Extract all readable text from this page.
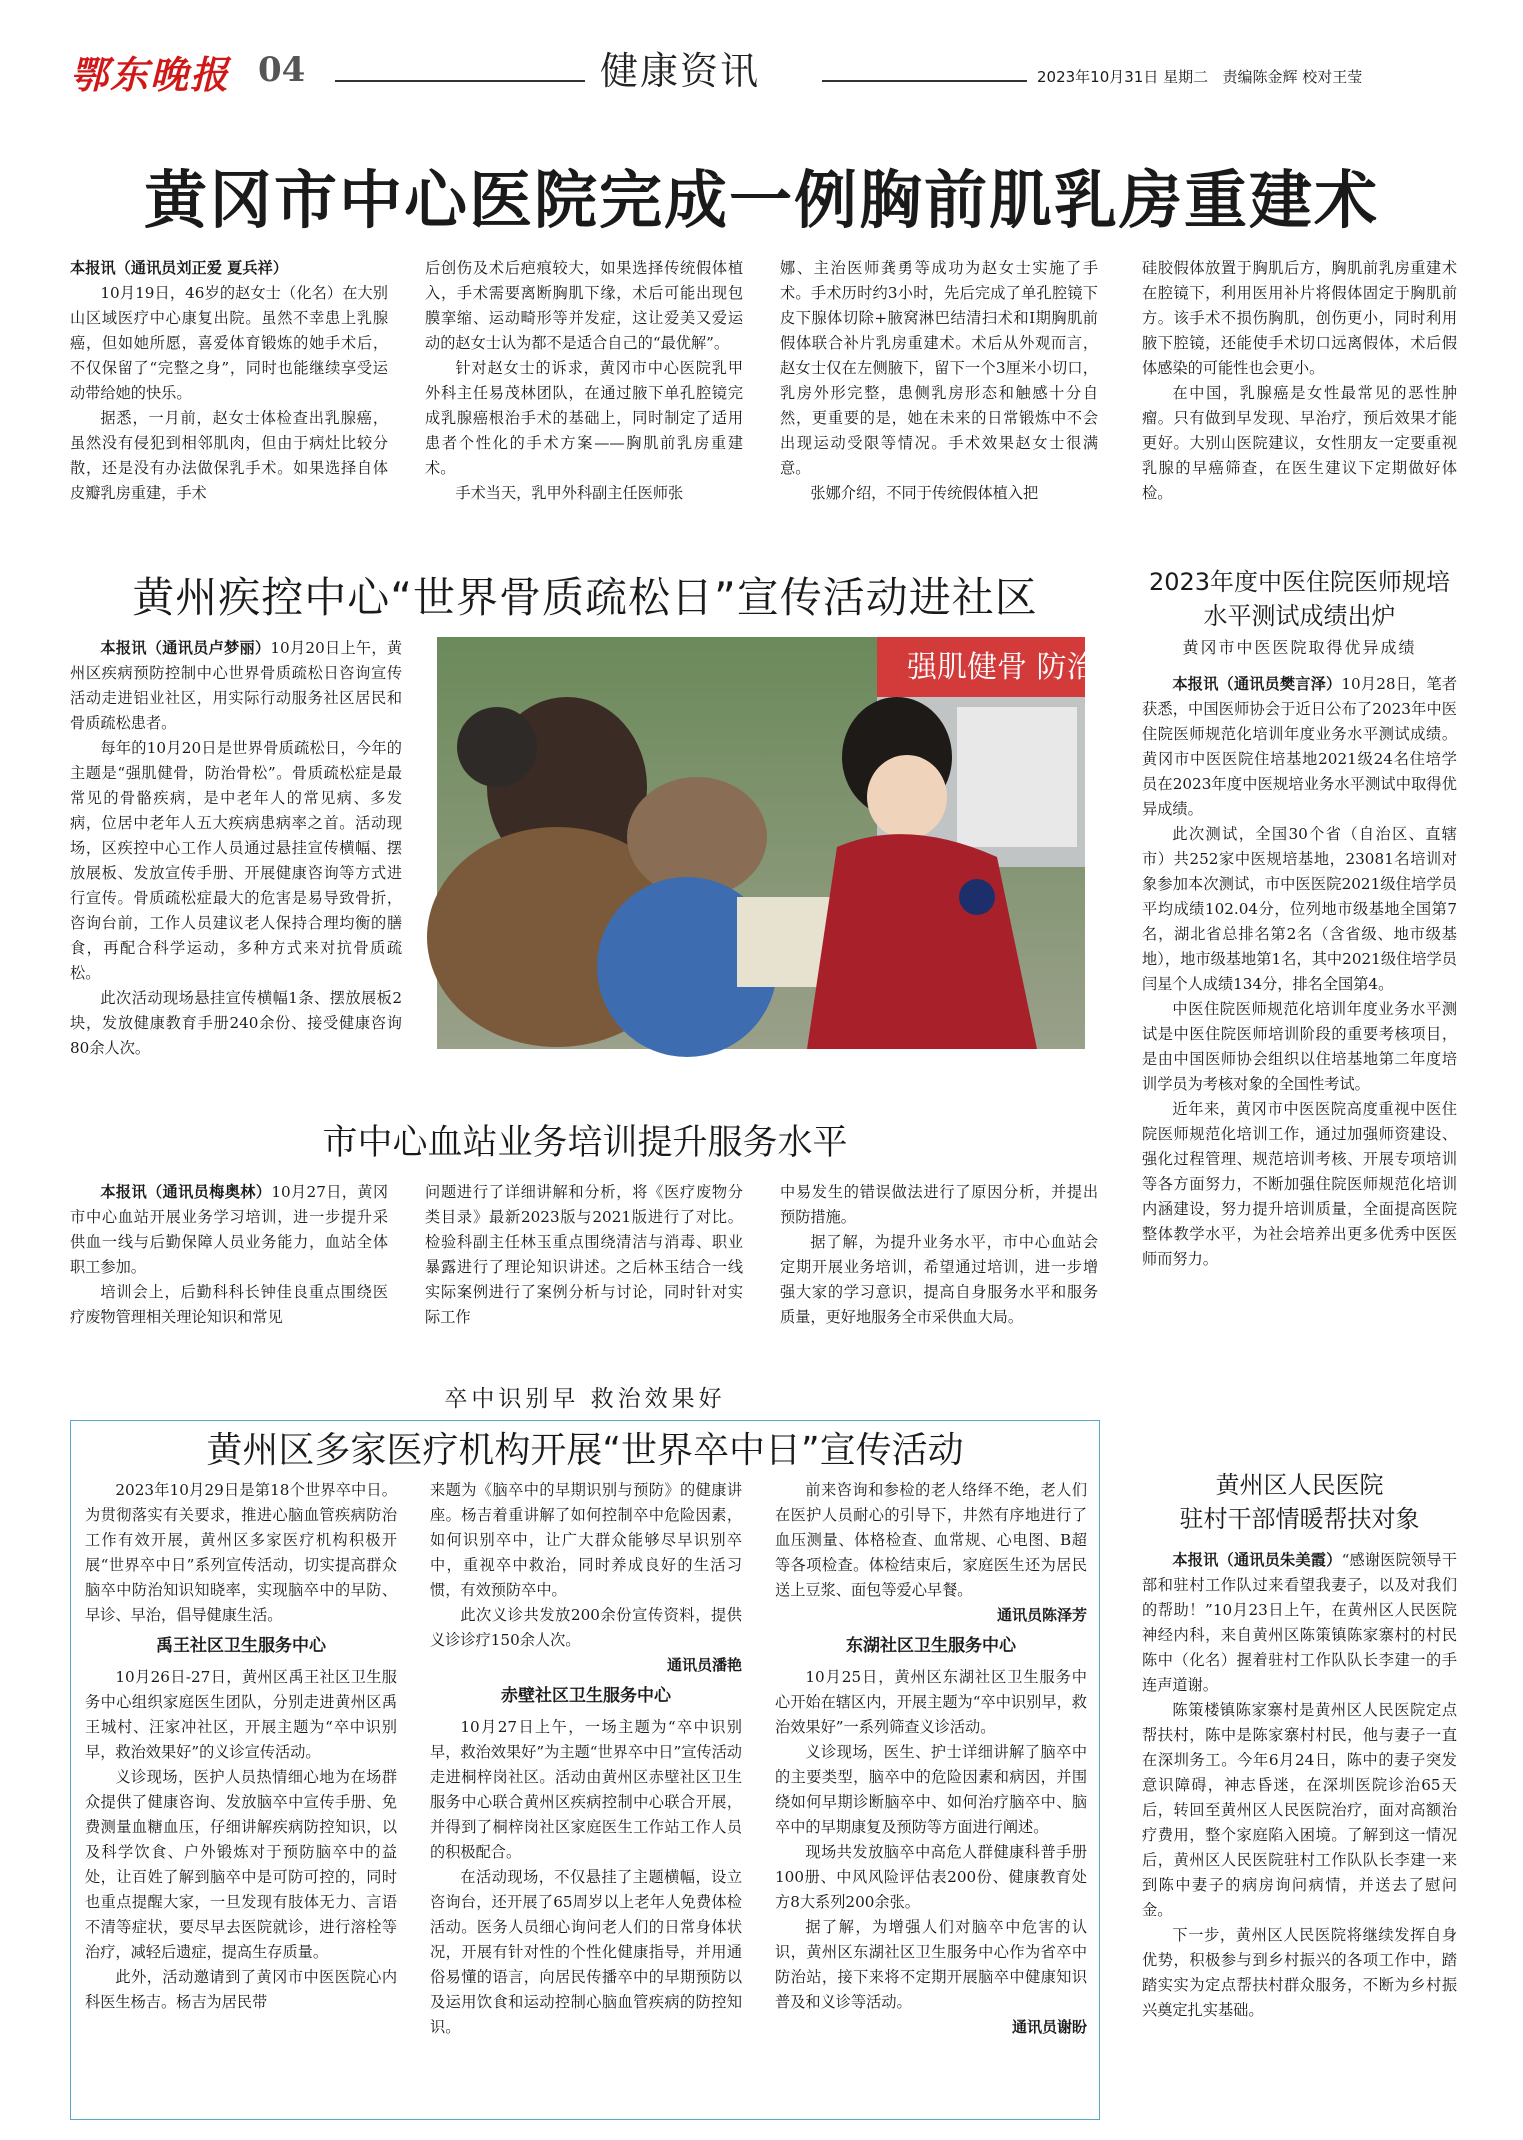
鄂东晚报 04	健康资讯	2023年10月31日 星期二 责编陈金辉 校对王莹
黄冈市中心医院完成一例胸前肌乳房重建术

本报讯（通讯员刘正爱 夏兵祥）

10月19日，46岁的赵女士（化名）在大别山区域医疗中心康复出院。虽然不幸患上乳腺癌，但如她所愿，喜爱体育锻炼的她手术后，不仅保留了“完整之身”，同时也能继续享受运动带给她的快乐。

据悉，一月前，赵女士体检查出乳腺癌，虽然没有侵犯到相邻肌肉，但由于病灶比较分散，还是没有办法做保乳手术。如果选择自体皮瓣乳房重建，手术

后创伤及术后疤痕较大，如果选择传统假体植入，手术需要离断胸肌下缘，术后可能出现包膜挛缩、运动畸形等并发症，这让爱美又爱运动的赵女士认为都不是适合自己的“最优解”。

针对赵女士的诉求，黄冈市中心医院乳甲外科主任易茂林团队，在通过腋下单孔腔镜完成乳腺癌根治手术的基础上，同时制定了适用患者个性化的手术方案——胸肌前乳房重建术。

手术当天，乳甲外科副主任医师张

娜、主治医师龚勇等成功为赵女士实施了手术。手术历时约3小时，先后完成了单孔腔镜下皮下腺体切除+腋窝淋巴结清扫术和Ⅰ期胸肌前假体联合补片乳房重建术。术后从外观而言，赵女士仅在左侧腋下，留下一个3厘米小切口，乳房外形完整，患侧乳房形态和触感十分自然，更重要的是，她在未来的日常锻炼中不会出现运动受限等情况。手术效果赵女士很满意。

张娜介绍，不同于传统假体植入把

硅胶假体放置于胸肌后方，胸肌前乳房重建术在腔镜下，利用医用补片将假体固定于胸肌前方。该手术不损伤胸肌，创伤更小，同时利用腋下腔镜，还能使手术切口远离假体，术后假体感染的可能性也会更小。

在中国，乳腺癌是女性最常见的恶性肿瘤。只有做到早发现、早治疗，预后效果才能更好。大别山医院建议，女性朋友一定要重视乳腺的早癌筛查，在医生建议下定期做好体检。

黄州疾控中心“世界骨质疏松日”宣传活动进社区

本报讯（通讯员卢梦丽）10月20日上午，黄州区疾病预防控制中心世界骨质疏松日咨询宣传活动走进铝业社区，用实际行动服务社区居民和骨质疏松患者。

每年的10月20日是世界骨质疏松日，今年的主题是“强肌健骨，防治骨松”。骨质疏松症是最常见的骨骼疾病，是中老年人的常见病、多发病，位居中老年人五大疾病患病率之首。活动现场，区疾控中心工作人员通过悬挂宣传横幅、摆放展板、发放宣传手册、开展健康咨询等方式进行宣传。骨质疏松症最大的危害是易导致骨折，咨询台前，工作人员建议老人保持合理均衡的膳食，再配合科学运动，多种方式来对抗骨质疏松。

此次活动现场悬挂宣传横幅1条、摆放展板2块，发放健康教育手册240余份、接受健康咨询80余人次。

强肌健骨 防治骨松
2023年度中医住院医师规培水平测试成绩出炉
黄冈市中医医院取得优异成绩

本报讯（通讯员樊言泽）10月28日，笔者获悉，中国医师协会于近日公布了2023年中医住院医师规范化培训年度业务水平测试成绩。黄冈市中医医院住培基地2021级24名住培学员在2023年度中医规培业务水平测试中取得优异成绩。

此次测试，全国30个省（自治区、直辖市）共252家中医规培基地，23081名培训对象参加本次测试，市中医医院2021级住培学员平均成绩102.04分，位列地市级基地全国第7名，湖北省总排名第2名（含省级、地市级基地），地市级基地第1名，其中2021级住培学员闫星个人成绩134分，排名全国第4。

中医住院医师规范化培训年度业务水平测试是中医住院医师培训阶段的重要考核项目，是由中国医师协会组织以住培基地第二年度培训学员为考核对象的全国性考试。

近年来，黄冈市中医医院高度重视中医住院医师规范化培训工作，通过加强师资建设、强化过程管理、规范培训考核、开展专项培训等各方面努力，不断加强住院医师规范化培训内涵建设，努力提升培训质量，全面提高医院整体教学水平，为社会培养出更多优秀中医医师而努力。

市中心血站业务培训提升服务水平

本报讯（通讯员梅奥林）10月27日，黄冈市中心血站开展业务学习培训，进一步提升采供血一线与后勤保障人员业务能力，血站全体职工参加。

培训会上，后勤科科长钟佳良重点围绕医疗废物管理相关理论知识和常见

问题进行了详细讲解和分析，将《医疗废物分类目录》最新2023版与2021版进行了对比。检验科副主任林玉重点围绕清洁与消毒、职业暴露进行了理论知识讲述。之后林玉结合一线实际案例进行了案例分析与讨论，同时针对实际工作

中易发生的错误做法进行了原因分析，并提出预防措施。

据了解，为提升业务水平，市中心血站会定期开展业务培训，希望通过培训，进一步增强大家的学习意识，提高自身服务水平和服务质量，更好地服务全市采供血大局。

卒中识别早 救治效果好
黄州区多家医疗机构开展“世界卒中日”宣传活动

2023年10月29日是第18个世界卒中日。为贯彻落实有关要求，推进心脑血管疾病防治工作有效开展，黄州区多家医疗机构积极开展“世界卒中日”系列宣传活动，切实提高群众脑卒中防治知识知晓率，实现脑卒中的早防、早诊、早治，倡导健康生活。

禹王社区卫生服务中心

10月26日-27日，黄州区禹王社区卫生服务中心组织家庭医生团队，分别走进黄州区禹王城村、汪家冲社区，开展主题为“卒中识别早，救治效果好”的义诊宣传活动。

义诊现场，医护人员热情细心地为在场群众提供了健康咨询、发放脑卒中宣传手册、免费测量血糖血压，仔细讲解疾病防控知识，以及科学饮食、户外锻炼对于预防脑卒中的益处，让百姓了解到脑卒中是可防可控的，同时也重点提醒大家，一旦发现有肢体无力、言语不清等症状，要尽早去医院就诊，进行溶栓等治疗，减轻后遗症，提高生存质量。

此外，活动邀请到了黄冈市中医医院心内科医生杨吉。杨吉为居民带

来题为《脑卒中的早期识别与预防》的健康讲座。杨吉着重讲解了如何控制卒中危险因素，如何识别卒中，让广大群众能够尽早识别卒中，重视卒中救治，同时养成良好的生活习惯，有效预防卒中。

此次义诊共发放200余份宣传资料，提供义诊诊疗150余人次。

通讯员潘艳
赤壁社区卫生服务中心

10月27日上午，一场主题为“卒中识别早，救治效果好”为主题“世界卒中日”宣传活动走进桐梓岗社区。活动由黄州区赤壁社区卫生服务中心联合黄州区疾病控制中心联合开展，并得到了桐梓岗社区家庭医生工作站工作人员的积极配合。

在活动现场，不仅悬挂了主题横幅，设立咨询台，还开展了65周岁以上老年人免费体检活动。医务人员细心询问老人们的日常身体状况，开展有针对性的个性化健康指导，并用通俗易懂的语言，向居民传播卒中的早期预防以及运用饮食和运动控制心脑血管疾病的防控知识。

前来咨询和参检的老人络绎不绝，老人们在医护人员耐心的引导下，井然有序地进行了血压测量、体格检查、血常规、心电图、B超等各项检查。体检结束后，家庭医生还为居民送上豆浆、面包等爱心早餐。

通讯员陈泽芳
东湖社区卫生服务中心

10月25日，黄州区东湖社区卫生服务中心开始在辖区内，开展主题为“卒中识别早，救治效果好”一系列筛查义诊活动。

义诊现场，医生、护士详细讲解了脑卒中的主要类型，脑卒中的危险因素和病因，并围绕如何早期诊断脑卒中、如何治疗脑卒中、脑卒中的早期康复及预防等方面进行阐述。

现场共发放脑卒中高危人群健康科普手册100册、中风风险评估表200份、健康教育处方8大系列200余张。

据了解，为增强人们对脑卒中危害的认识，黄州区东湖社区卫生服务中心作为省卒中防治站，接下来将不定期开展脑卒中健康知识普及和义诊等活动。

通讯员谢盼
黄州区人民医院
驻村干部情暖帮扶对象

本报讯（通讯员朱美霞）“感谢医院领导干部和驻村工作队过来看望我妻子，以及对我们的帮助！”10月23日上午，在黄州区人民医院神经内科，来自黄州区陈策镇陈家寨村的村民陈中（化名）握着驻村工作队队长李建一的手连声道谢。

陈策楼镇陈家寨村是黄州区人民医院定点帮扶村，陈中是陈家寨村村民，他与妻子一直在深圳务工。今年6月24日，陈中的妻子突发意识障碍，神志昏迷，在深圳医院诊治65天后，转回至黄州区人民医院治疗，面对高额治疗费用，整个家庭陷入困境。了解到这一情况后，黄州区人民医院驻村工作队队长李建一来到陈中妻子的病房询问病情，并送去了慰问金。

下一步，黄州区人民医院将继续发挥自身优势，积极参与到乡村振兴的各项工作中，踏踏实实为定点帮扶村群众服务，不断为乡村振兴奠定扎实基础。
